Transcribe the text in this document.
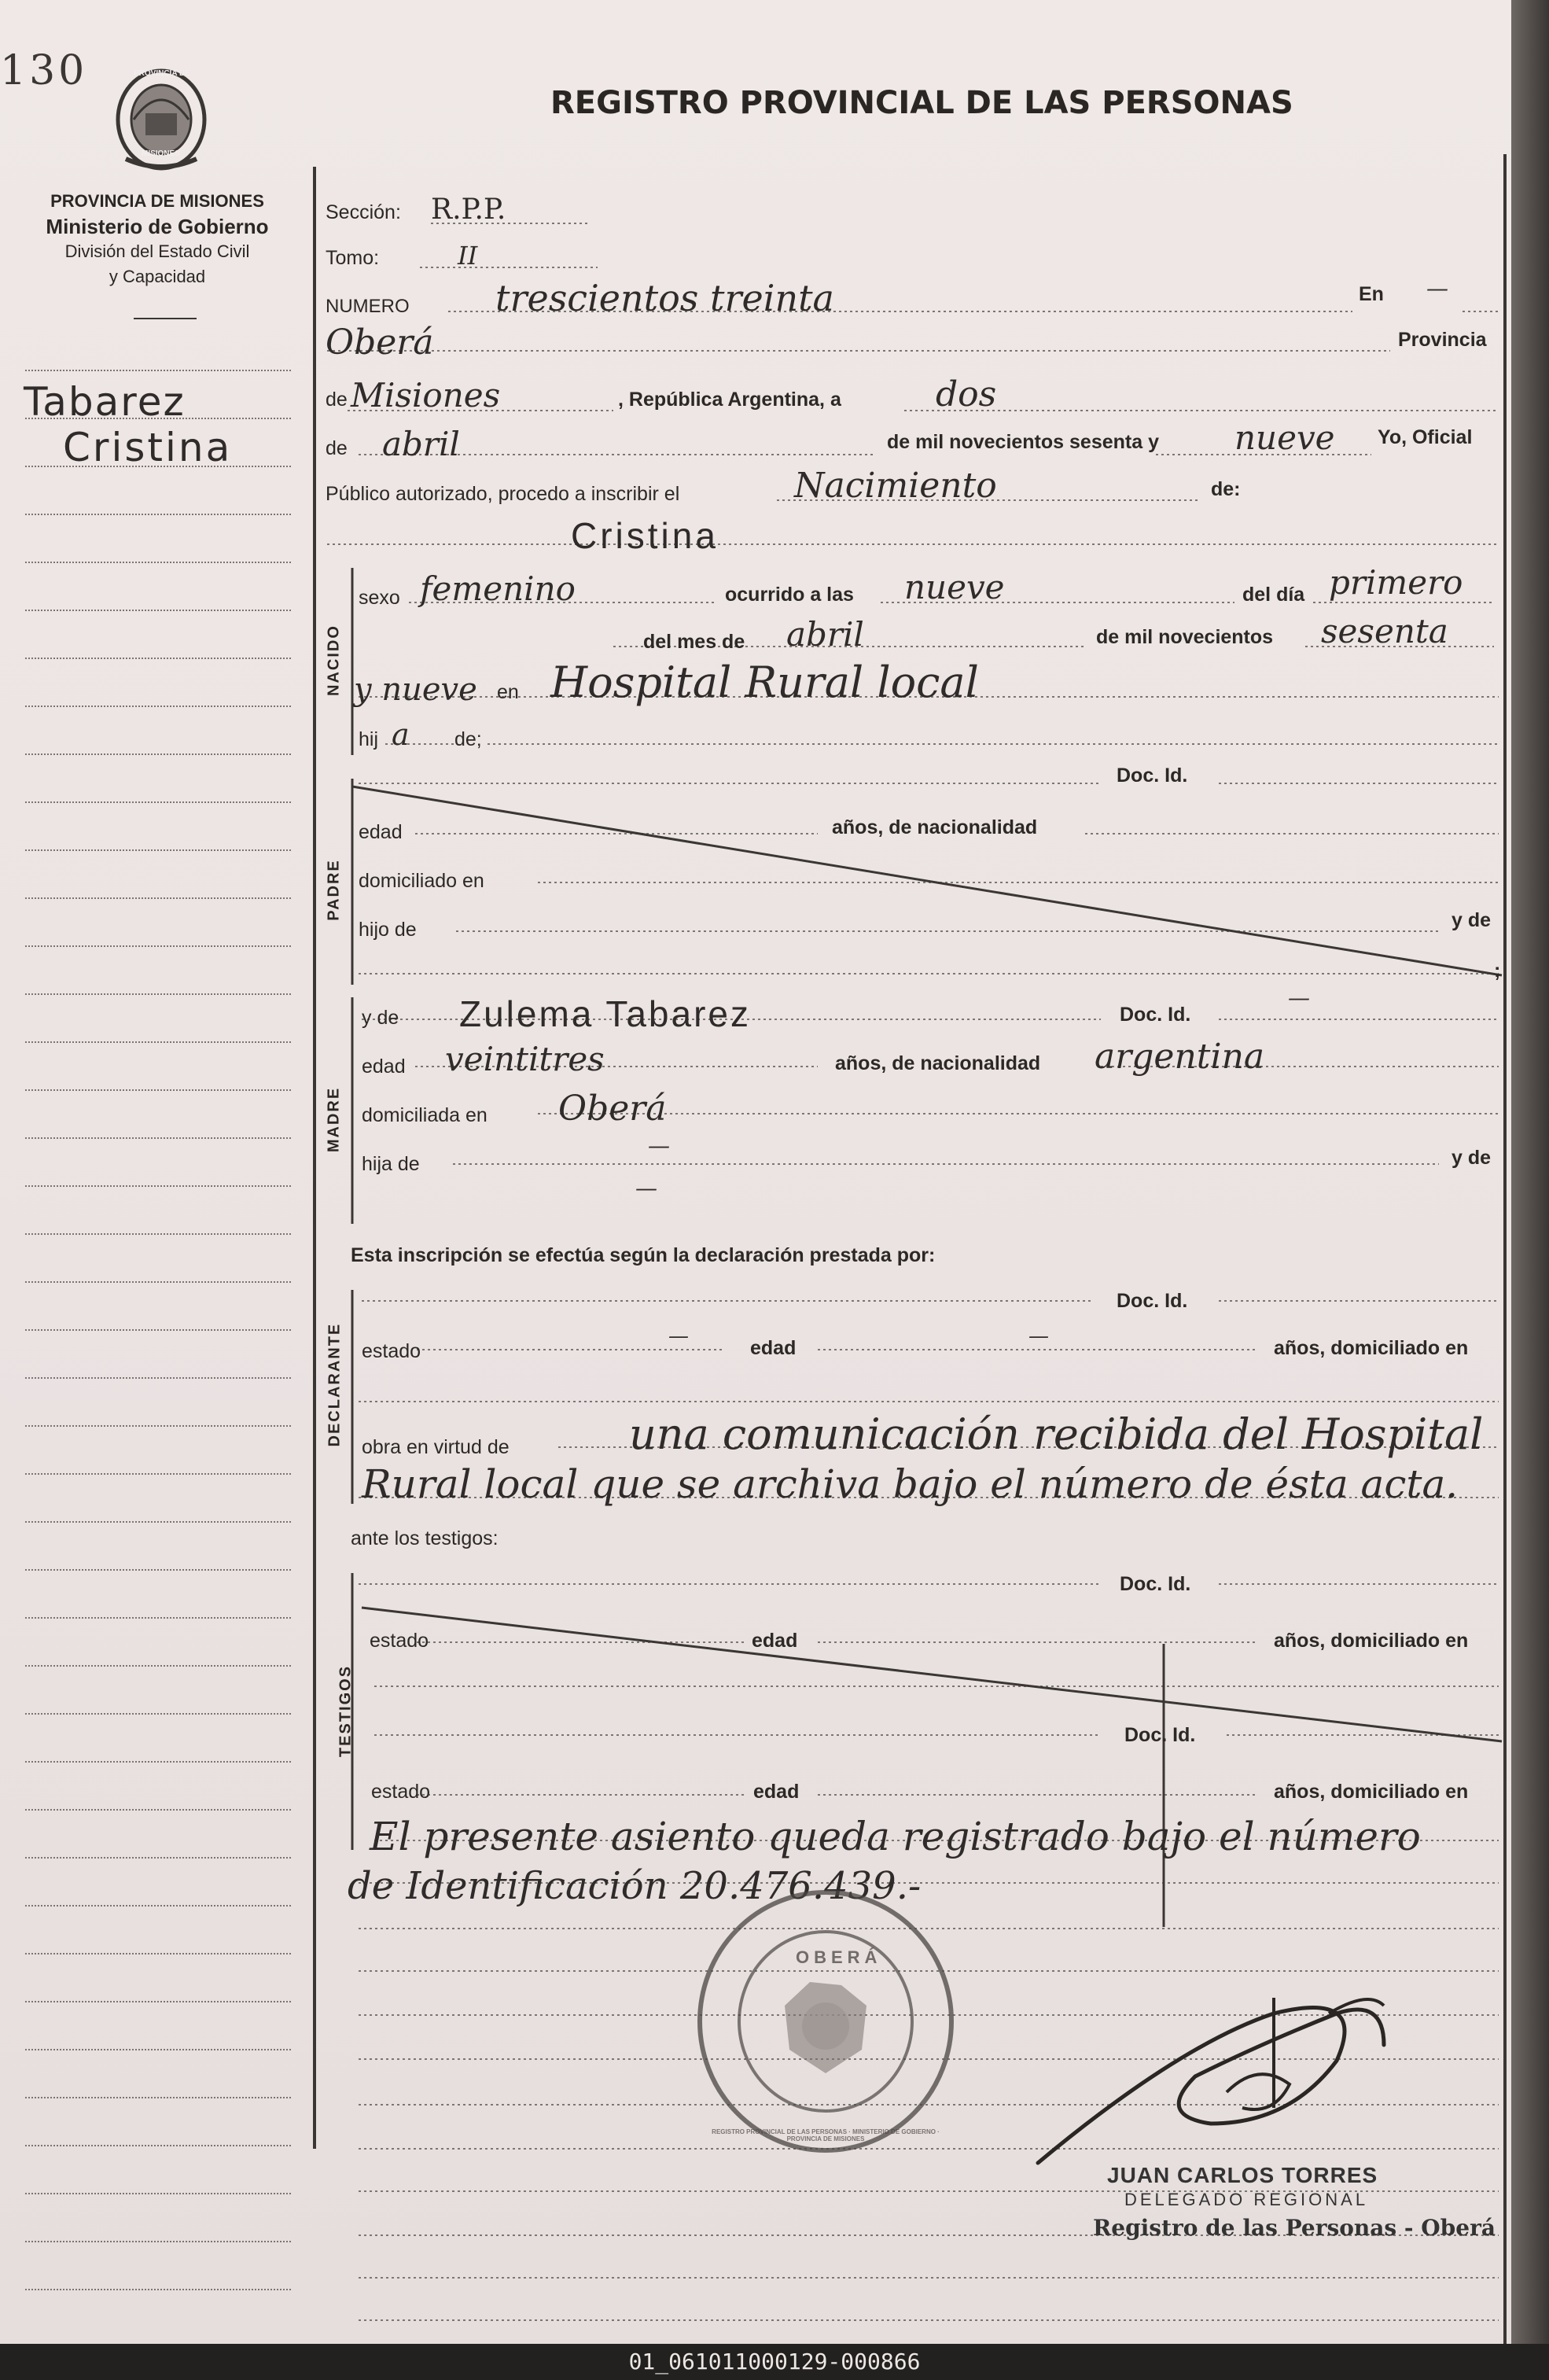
130	PROVINCIA DE
MISIONES
REGISTRO PROVINCIAL DE LAS PERSONAS
PROVINCIA DE MISIONES
Ministerio de Gobierno
División del Estado Civil
y Capacidad
Tabarez
Cristina
Sección: R.P.P.
Tomo:	II
NUMERO trescientos treinta	En —
Oberá	Provincia
de Misiones	, República Argentina, a	dos
de abril	de mil novecientos sesenta y nueve Yo, Oficial
Público autorizado, procedo a inscribir el	Nacimiento	de:
Cristina
NACIDO
sexo femenino	ocurrido a las nueve	del día primero
del mes de abril	de mil novecientos sesenta
y nueve en Hospital Rural local
hij a de;
PADRE
Doc. Id.
edad	años, de nacionalidad
domiciliado en
hijo de	y de
;
MADRE
y de Zulema Tabarez	Doc. Id.
—
edad veintitres	años, de nacionalidad argentina
domiciliada en Oberá
hija de
—	y de
—
Esta inscripción se efectúa según la declaración prestada por:
DECLARANTE
Doc. Id.
estado
—	edad	—	años, domiciliado en
obra en virtud de	una comunicación recibida del Hospital
Rural local que se archiva bajo el número de ésta acta.
ante los testigos:
TESTIGOS
Doc. Id.
estado	edad	años, domiciliado en
Doc. Id.
estado	edad	años, domiciliado en
El presente asiento queda registrado bajo el número
de Identificación 20.476.439.-
REGISTRO PROVINCIAL DE LAS PERSONAS · MINISTERIO DE GOBIERNO · PROVINCIA DE MISIONES
OBERÁ
JUAN CARLOS TORRES
DELEGADO REGIONAL
Registro de las Personas - Oberá
01_061011000129-000866
